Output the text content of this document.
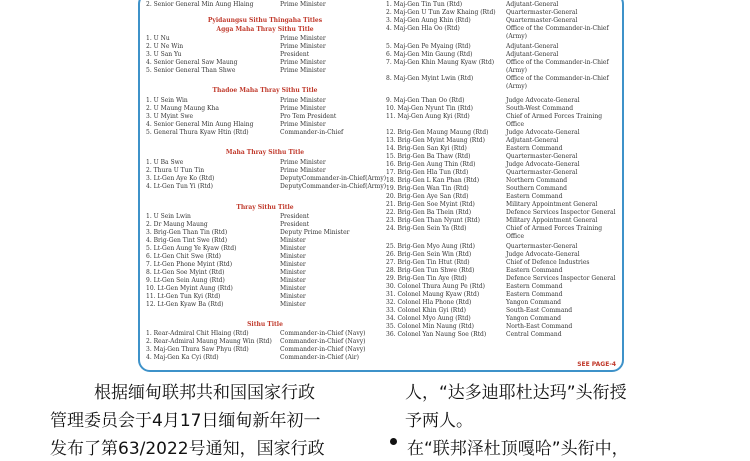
2. Senior General Min Aung Hlaing	Prime Minister
Pyidaungsu Sithu Thingaha Titles
Agga Maha Thray Sithu Title
1. U Nu	Prime Minister
2. U Ne Win	Prime Minister
3. U San Yu	President
4. Senior General Saw Maung	Prime Minister
5. Senior General Than Shwe	Prime Minister
Thadoe Maha Thray Sithu Title
1. U Sein Win	Prime Minister
2. U Maung Maung Kha	Prime Minister
3. U Myint Swe	Pro Tem President
4. Senior General Min Aung Hlaing	Prime Minister
5. General Thura Kyaw Htin (Rtd)	Commander-in-Chief
Maha Thray Sithu Title
1. U Ba Swe	Prime Minister
2. Thura U Tun Tin	Prime Minister
3. Lt-Gen Aye Ko (Rtd)	DeputyCommander-in-Chief(Army)
4. Lt-Gen Tun Yi (Rtd)	DeputyCommander-in-Chief(Army)
Thray Sithu Title
1. U Sein Lwin	President
2. Dr Maung Maung	President
3. Brig-Gen Than Tin (Rtd)	Deputy Prime Minister
4. Brig-Gen Tint Swe (Rtd)	Minister
5. Lt-Gen Aung Ye Kyaw (Rtd)	Minister
6. Lt-Gen Chit Swe (Rtd)	Minister
7. Lt-Gen Phone Myint (Rtd)	Minister
8. Lt-Gen Soe Myint (Rtd)	Minister
9. Lt-Gen Sein Aung (Rtd)	Minister
10. Lt-Gen Myint Aung (Rtd)	Minister
11. Lt-Gen Tun Kyi (Rtd)	Minister
12. Lt-Gen Kyaw Ba (Rtd)	Minister
Sithu Title
1. Rear-Admiral Chit Hlaing (Rtd)	Commander-in-Chief (Navy)
2. Rear-Admiral Maung Maung Win (Rtd) Commander-in-Chief (Navy)
3. Maj-Gen Thura Saw Phyu (Rtd)	Commander-in-Chief (Navy)
4. Maj-Gen Ka Cyi (Rtd)	Commander-in-Chief (Air)
1. Maj-Gen Tin Tun (Rtd)	Adjutant-General
2. Maj-Gen U Tun Zaw Khaing (Rtd) Quartermaster-General
3. Maj-Gen Aung Khin (Rtd)	Quartermaster-General
4. Maj-Gen Hla Oo (Rtd)	Office of the Commander-in-Chief
(Army)
5. Maj-Gen Pe Myaing (Rtd)	Adjutant-General
6. Maj-Gen Min Gaung (Rtd)	Adjutant-General
7. Maj-Gen Khin Maung Kyaw (Rtd) Office of the Commander-in-Chief
(Army)
8. Maj-Gen Myint Lwin (Rtd)	Office of the Commander-in-Chief
(Army)
9. Maj-Gen Than Oo (Rtd)	Judge Advocate-General
10. Maj-Gen Nyunt Tin (Rtd)	South-West Command
11. Maj-Gen Aung Kyi (Rtd)	Chief of Armed Forces Training
Office
12. Brig-Gen Maung Maung (Rtd)	Judge Advocate-General
13. Brig-Gen Myint Maung (Rtd)	Adjutant-General
14. Brig-Gen San Kyi (Rtd)	Eastern Command
15. Brig-Gen Ba Thaw (Rtd)	Quartermaster-General
16. Brig-Gen Aung Thin (Rtd)	Judge Advocate-General
17. Brig-Gen Hla Tun (Rtd)	Quartermaster-General
18. Brig-Gen L Kan Phan (Rtd)	Northern Command
19. Brig-Gen Wan Tin (Rtd)	Southern Command
20. Brig-Gen Aye San (Rtd)	Eastern Command
21. Brig-Gen Soe Myint (Rtd)	Military Appointment General
22. Brig-Gen Ba Thein (Rtd)	Defence Services Inspector General
23. Brig-Gen Than Nyunt (Rtd)	Military Appointment General
24. Brig-Gen Sein Ya (Rtd)	Chief of Armed Forces Training
Office
25. Brig-Gen Myo Aung (Rtd)	Quartermaster-General
26. Brig-Gen Sein Win (Rtd)	Judge Advocate-General
27. Brig-Gen Tin Htut (Rtd)	Chief of Defence Industries
28. Brig-Gen Tun Shwe (Rtd)	Eastern Command
29. Brig-Gen Tin Aye (Rtd)	Defence Services Inspector General
30. Colonel Thura Aung Pe (Rtd)	Eastern Command
31. Colonel Maung Kyaw (Rtd)	Eastern Command
32. Colonel Hla Phone (Rtd)	Yangon Command
33. Colonel Khin Gyi (Rtd)	South-East Command
34. Colonel Myo Aung (Rtd)	Yangon Command
35. Colonel Min Naung (Rtd)	North-East Command
36. Colonel Yan Naung Soe (Rtd)	Central Command
SEE PAGE-4
根据缅甸联邦共和国国家行政
管理委员会于4月17日缅甸新年初一
发布了第63/2022号通知，国家行政
人，“达多迪耶杜达玛”头衔授
予两人。
在“联邦泽杜顶嘎哈”头衔中，
